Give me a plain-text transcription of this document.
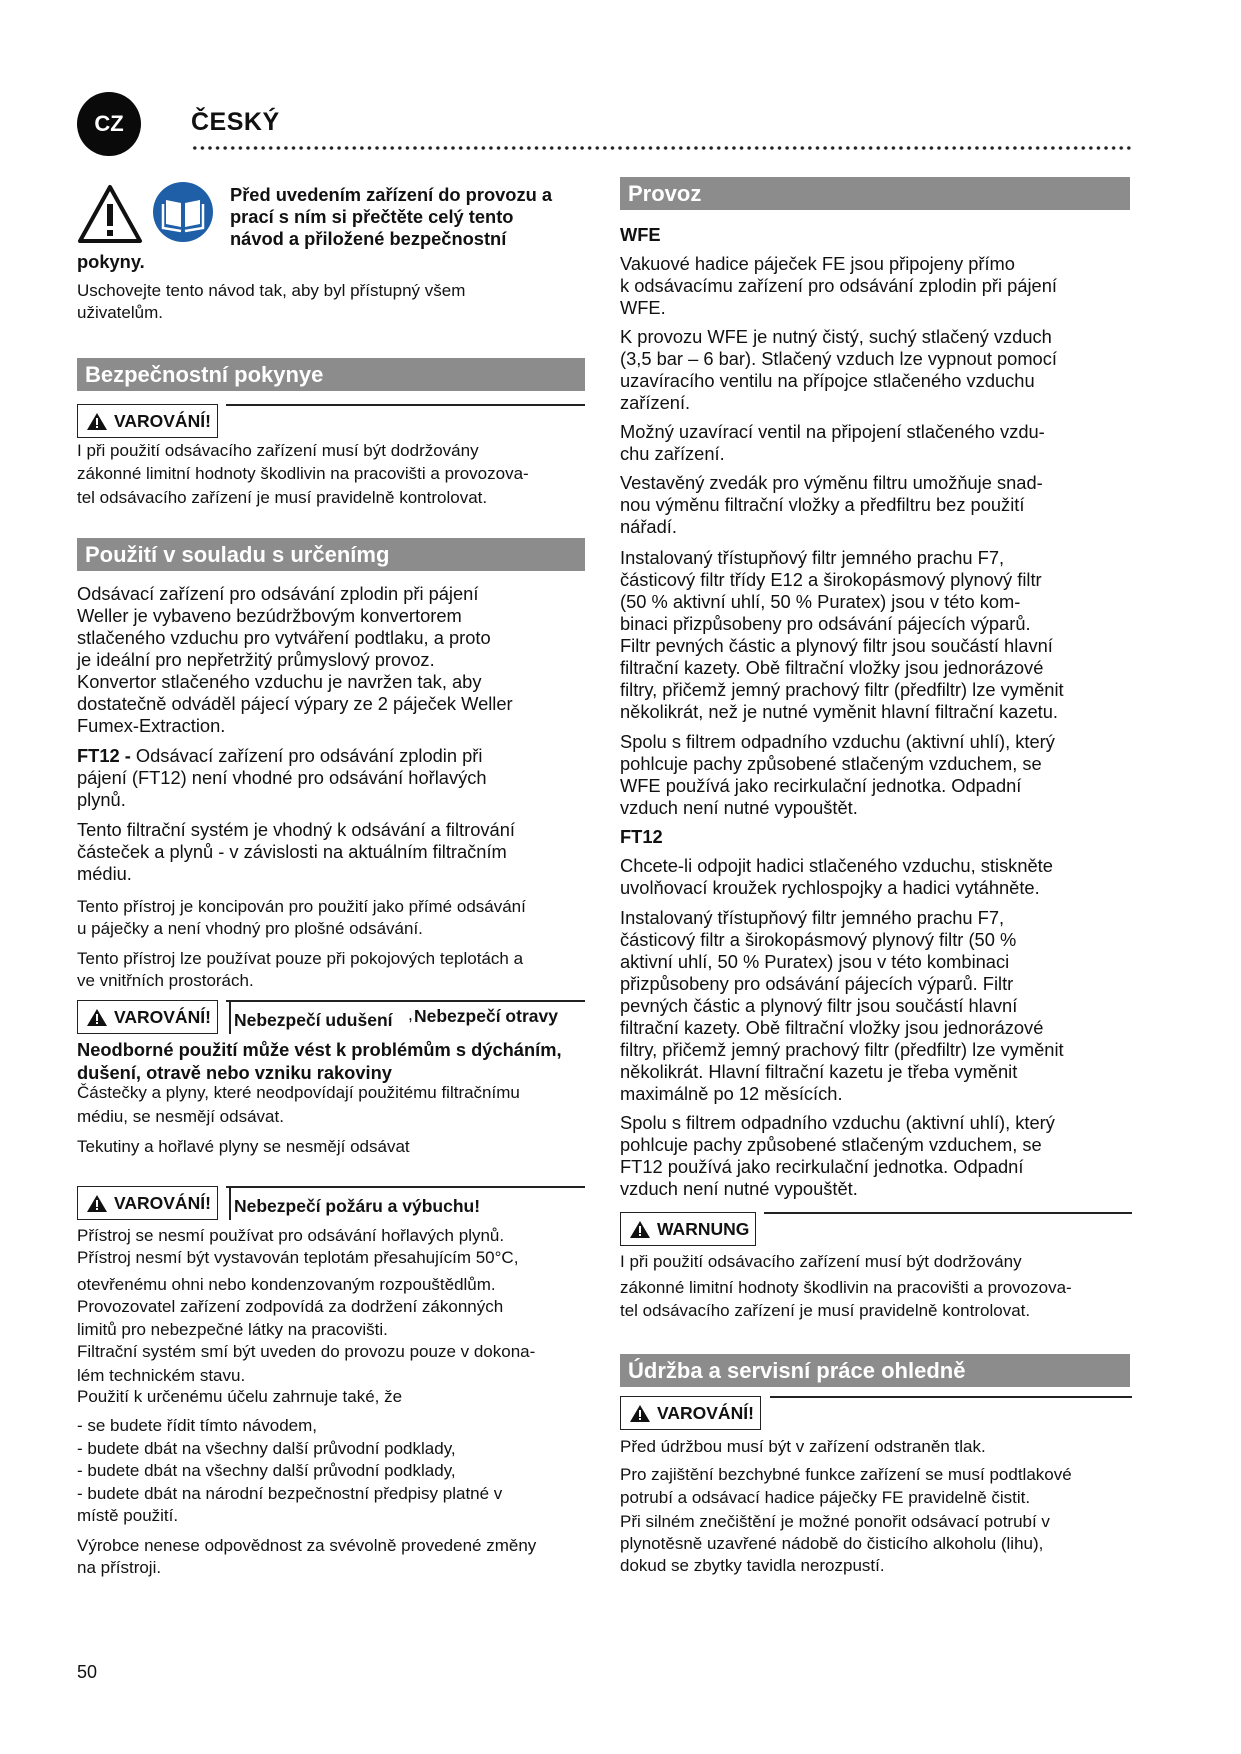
CZ	ČESKÝ
Před uvedením zařízení do provozu a
prací s ním si přečtěte celý tento
návod a přiložené bezpečnostní
pokyny.
Uschovejte tento návod tak, aby byl přístupný všem
uživatelům.
Bezpečnostní pokynye
VAROVÁNÍ!
I při použití odsávacího zařízení musí být dodržovány
zákonné limitní hodnoty škodlivin na pracovišti a provozova-
tel odsávacího zařízení je musí pravidelně kontrolovat.
Použití v souladu s určenímg
Odsávací zařízení pro odsávání zplodin při pájení
Weller je vybaveno bezúdržbovým konvertorem
stlačeného vzduchu pro vytváření podtlaku, a proto
je ideální pro nepřetržitý průmyslový provoz.
Konvertor stlačeného vzduchu je navržen tak, aby
dostatečně odváděl pájecí výpary ze 2 páječek Weller
Fumex-Extraction.
FT12 - Odsávací zařízení pro odsávání zplodin při
pájení (FT12) není vhodné pro odsávání hořlavých
plynů.
Tento filtrační systém je vhodný k odsávání a filtrování
částeček a plynů - v závislosti na aktuálním filtračním
médiu.
Tento přístroj je koncipován pro použití jako přímé odsávání
u páječky a není vhodný pro plošné odsávání.
Tento přístroj lze používat pouze při pokojových teplotách a
ve vnitřních prostorách.
VAROVÁNÍ! Nebezpečí udušení , Nebezpečí otravy
Neodborné použití může vést k problémům s dýcháním,
dušení, otravě nebo vzniku rakoviny
Částečky a plyny, které neodpovídají použitému filtračnímu
médiu, se nesmějí odsávat.
Tekutiny a hořlavé plyny se nesmějí odsávat
VAROVÁNÍ! Nebezpečí požáru a výbuchu!
Přístroj se nesmí používat pro odsávání hořlavých plynů.
Přístroj nesmí být vystavován teplotám přesahujícím 50°C,
otevřenému ohni nebo kondenzovaným rozpouštědlům.
Provozovatel zařízení zodpovídá za dodržení zákonných
limitů pro nebezpečné látky na pracovišti.
Filtrační systém smí být uveden do provozu pouze v dokona-
lém technickém stavu.
Použití k určenému účelu zahrnuje také, že
- se budete řídit tímto návodem,
- budete dbát na všechny další průvodní podklady,
- budete dbát na všechny další průvodní podklady,
- budete dbát na národní bezpečnostní předpisy platné v
místě použití.
Výrobce nenese odpovědnost za svévolně provedené změny
na přístroji.
Provoz
WFE
Vakuové hadice páječek FE jsou připojeny přímo
k odsávacímu zařízení pro odsávání zplodin při pájení
WFE.
K provozu WFE je nutný čistý, suchý stlačený vzduch
(3,5 bar – 6 bar). Stlačený vzduch lze vypnout pomocí
uzavíracího ventilu na přípojce stlačeného vzduchu
zařízení.
Možný uzavírací ventil na připojení stlačeného vzdu-
chu zařízení.
Vestavěný zvedák pro výměnu filtru umožňuje snad-
nou výměnu filtrační vložky a předfiltru bez použití
nářadí.
Instalovaný třístupňový filtr jemného prachu F7,
částicový filtr třídy E12 a širokopásmový plynový filtr
(50 % aktivní uhlí, 50 % Puratex) jsou v této kom-
binaci přizpůsobeny pro odsávání pájecích výparů.
Filtr pevných částic a plynový filtr jsou součástí hlavní
filtrační kazety. Obě filtrační vložky jsou jednorázové
filtry, přičemž jemný prachový filtr (předfiltr) lze vyměnit
několikrát, než je nutné vyměnit hlavní filtrační kazetu.
Spolu s filtrem odpadního vzduchu (aktivní uhlí), který
pohlcuje pachy způsobené stlačeným vzduchem, se
WFE používá jako recirkulační jednotka. Odpadní
vzduch není nutné vypouštět.
FT12
Chcete-li odpojit hadici stlačeného vzduchu, stiskněte
uvolňovací kroužek rychlospojky a hadici vytáhněte.
Instalovaný třístupňový filtr jemného prachu F7,
částicový filtr a širokopásmový plynový filtr (50 %
aktivní uhlí, 50 % Puratex) jsou v této kombinaci
přizpůsobeny pro odsávání pájecích výparů. Filtr
pevných částic a plynový filtr jsou součástí hlavní
filtrační kazety. Obě filtrační vložky jsou jednorázové
filtry, přičemž jemný prachový filtr (předfiltr) lze vyměnit
několikrát. Hlavní filtrační kazetu je třeba vyměnit
maximálně po 12 měsících.
Spolu s filtrem odpadního vzduchu (aktivní uhlí), který
pohlcuje pachy způsobené stlačeným vzduchem, se
FT12 používá jako recirkulační jednotka. Odpadní
vzduch není nutné vypouštět.
WARNUNG
I při použití odsávacího zařízení musí být dodržovány
zákonné limitní hodnoty škodlivin na pracovišti a provozova-
tel odsávacího zařízení je musí pravidelně kontrolovat.
Údržba a servisní práce ohledně
VAROVÁNÍ!
Před údržbou musí být v zařízení odstraněn tlak.
Pro zajištění bezchybné funkce zařízení se musí podtlakové
potrubí a odsávací hadice páječky FE pravidelně čistit.
Při silném znečištění je možné ponořit odsávací potrubí v
plynotěsně uzavřené nádobě do čisticího alkoholu (lihu),
dokud se zbytky tavidla nerozpustí.
50
